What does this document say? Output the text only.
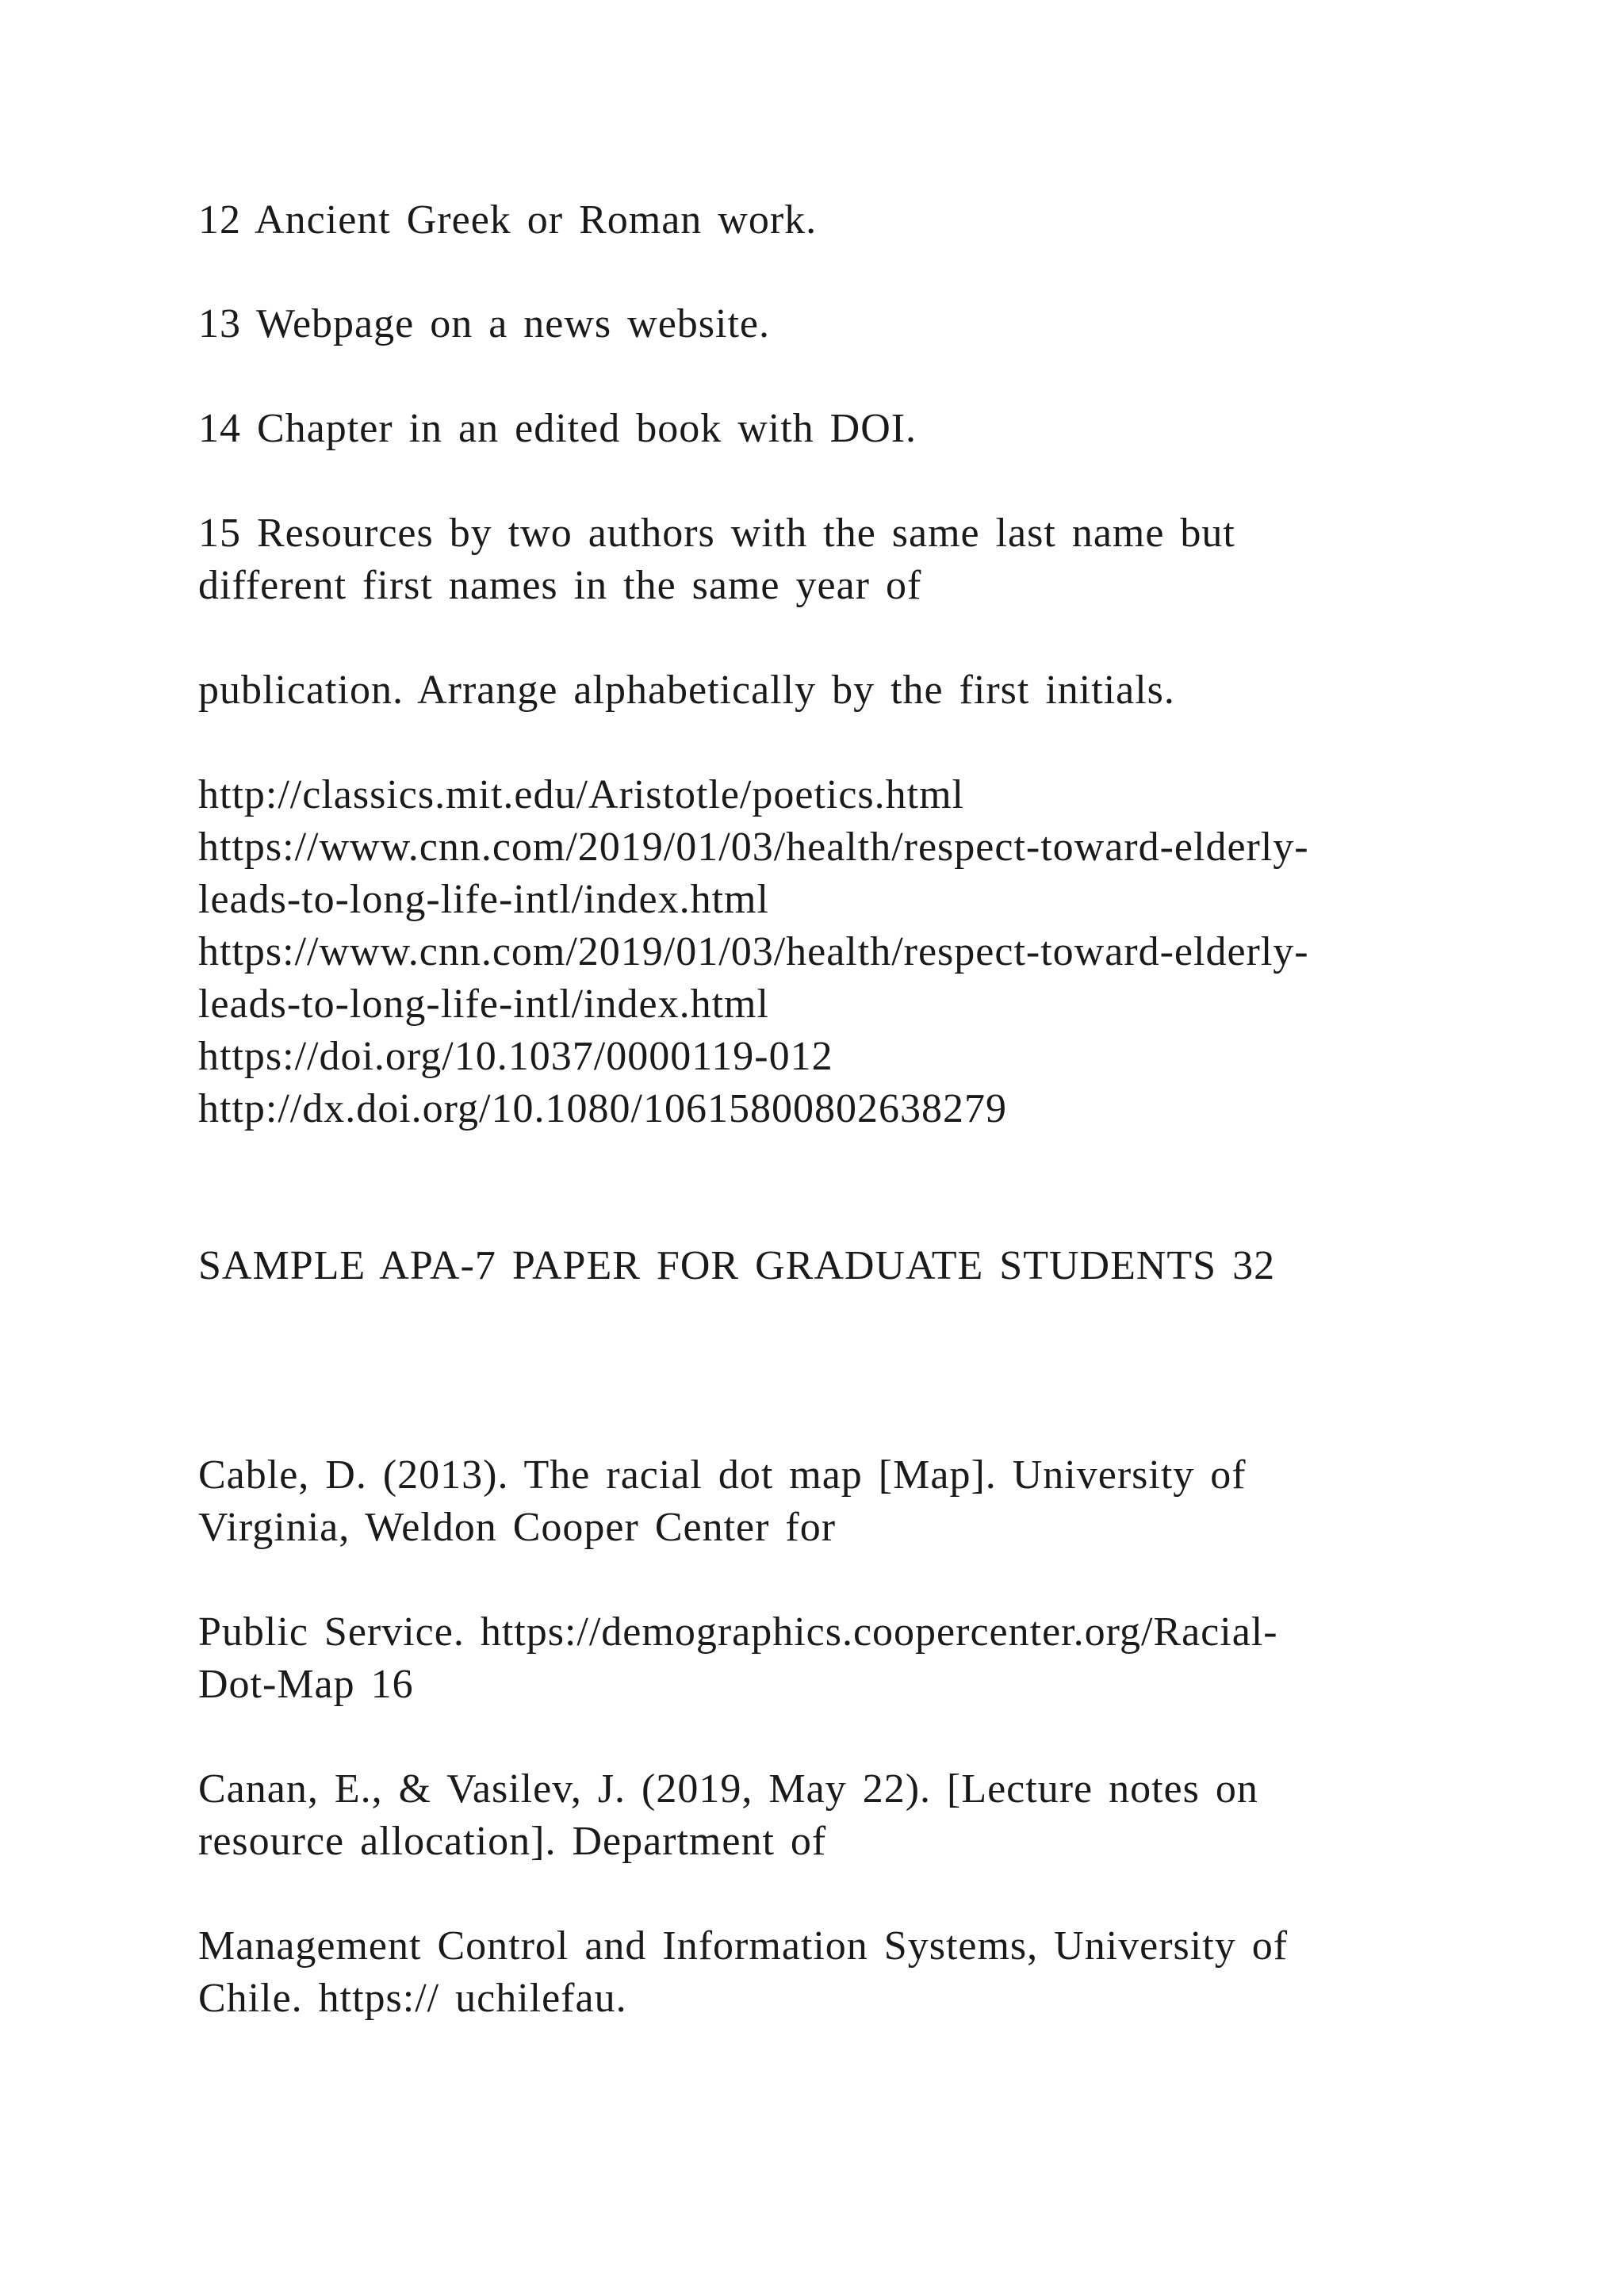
12 Ancient Greek or Roman work.
13 Webpage on a news website.
14 Chapter in an edited book with DOI.
15 Resources by two authors with the same last name but
different first names in the same year of
publication. Arrange alphabetically by the first initials.
http://classics.mit.edu/Aristotle/poetics.html
https://www.cnn.com/2019/01/03/health/respect-toward-elderly-
leads-to-long-life-intl/index.html
https://www.cnn.com/2019/01/03/health/respect-toward-elderly-
leads-to-long-life-intl/index.html
https://doi.org/10.1037/0000119-012
http://dx.doi.org/10.1080/10615800802638279
SAMPLE APA-7 PAPER FOR GRADUATE STUDENTS 32
Cable, D. (2013). The racial dot map [Map]. University of
Virginia, Weldon Cooper Center for
Public Service. https://demographics.coopercenter.org/Racial-
Dot-Map 16
Canan, E., & Vasilev, J. (2019, May 22). [Lecture notes on
resource allocation]. Department of
Management Control and Information Systems, University of
Chile. https:// uchilefau.
